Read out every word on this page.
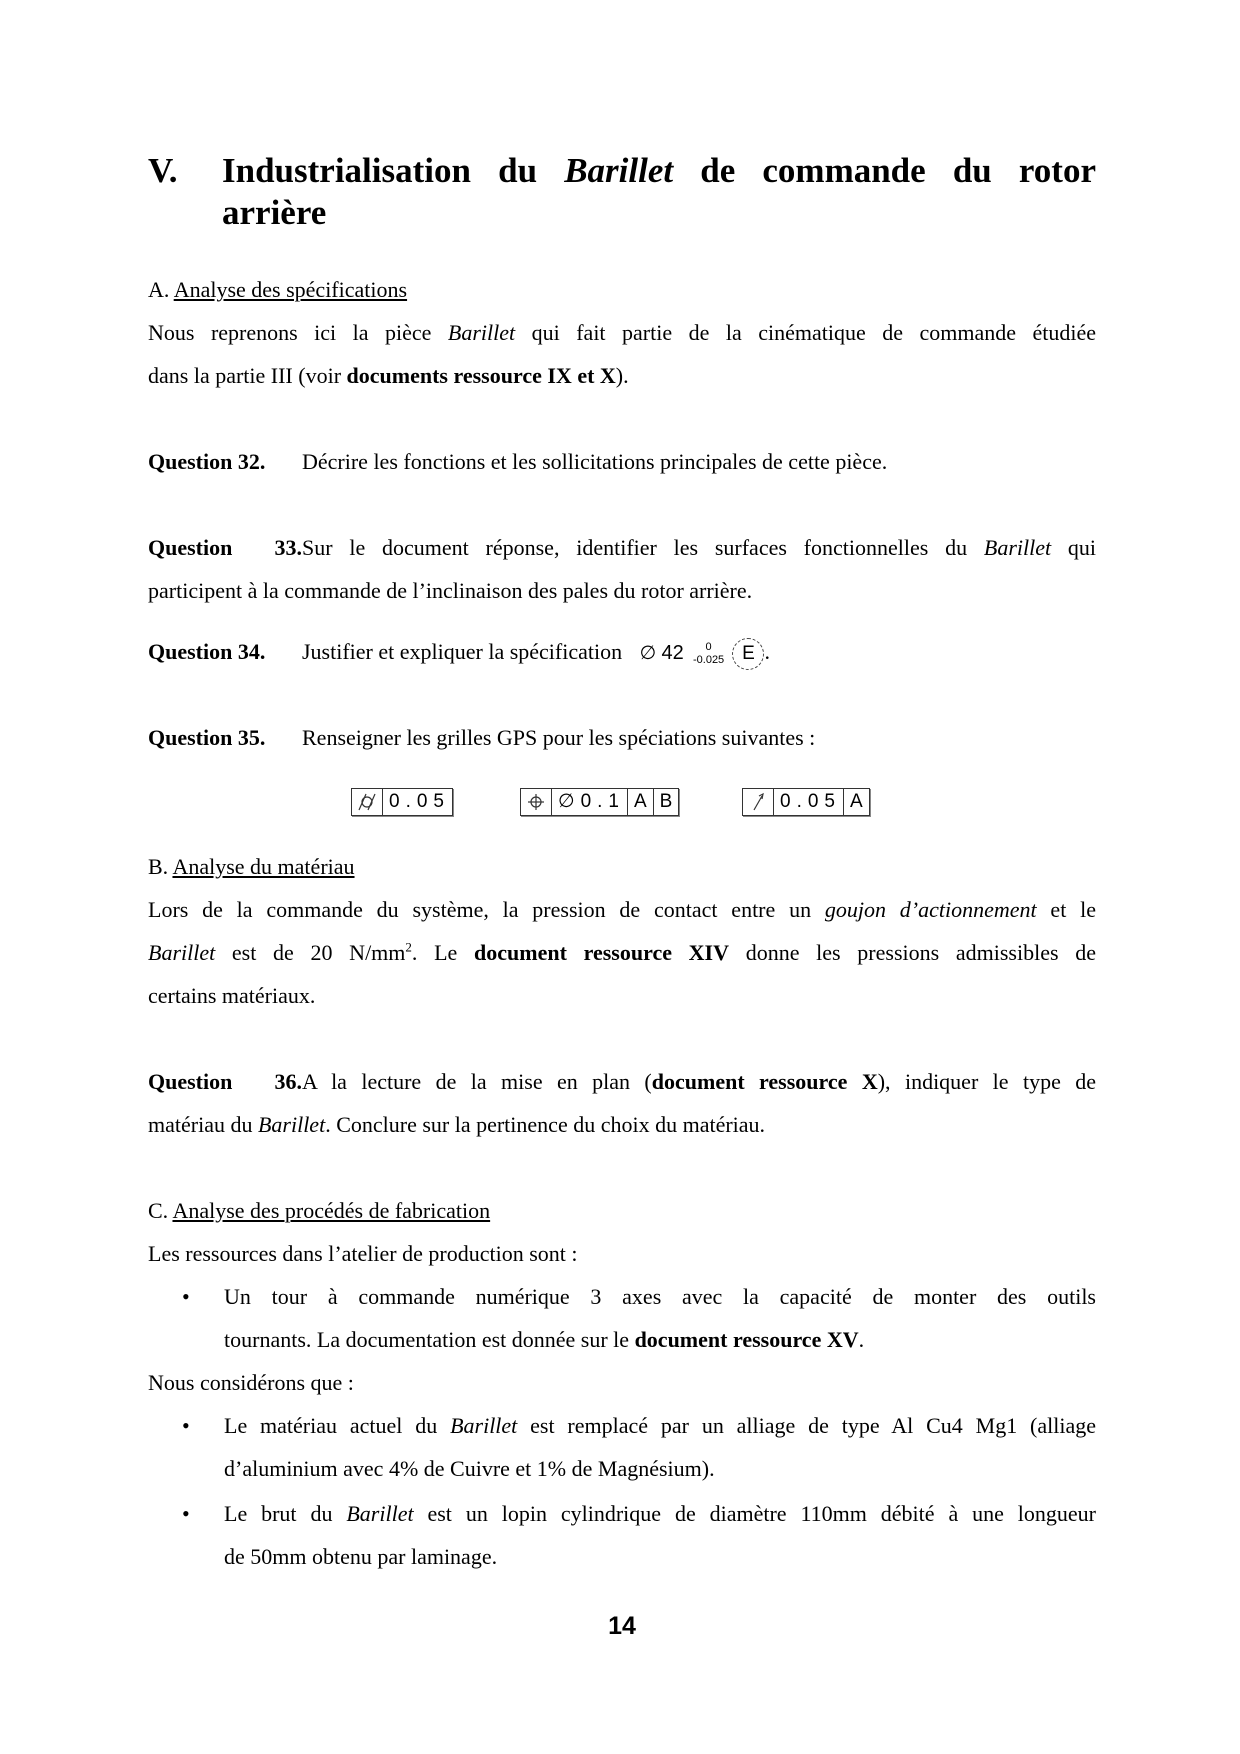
V. Industrialisation du Barillet de commande du rotor arrière
A. Analyse des spécifications
Nous reprenons ici la pièce Barillet qui fait partie de la cinématique de commande étudiée
dans la partie III (voir documents ressource IX et X).
Question 32. Décrire les fonctions et les sollicitations principales de cette pièce.
Question 33.Sur le document réponse, identifier les surfaces fonctionnelles du Barillet qui
participent à la commande de l’inclinaison des pales du rotor arrière.
Question 34. Justifier et expliquer la spécification ∅ 42 0
-0.025 E .
Question 35. Renseigner les grilles GPS pour les spéciations suivantes :
0.05	∅0.1 A B	0.05 A
B. Analyse du matériau
Lors de la commande du système, la pression de contact entre un goujon d’actionnement et le
Barillet est de 20 $N/mm^2$. Le document ressource XIV donne les pressions admissibles de
certains matériaux.
Question 36.A la lecture de la mise en plan (document ressource X), indiquer le type de
matériau du Barillet. Conclure sur la pertinence du choix du matériau.
C. Analyse des procédés de fabrication
Les ressources dans l’atelier de production sont :
• Un tour à commande numérique 3 axes avec la capacité de monter des outils
tournants. La documentation est donnée sur le document ressource XV.
Nous considérons que :
• Le matériau actuel du Barillet est remplacé par un alliage de type Al Cu4 Mg1 (alliage
d’aluminium avec 4% de Cuivre et 1% de Magnésium).
• Le brut du Barillet est un lopin cylindrique de diamètre 110mm débité à une longueur
de 50mm obtenu par laminage.
14
